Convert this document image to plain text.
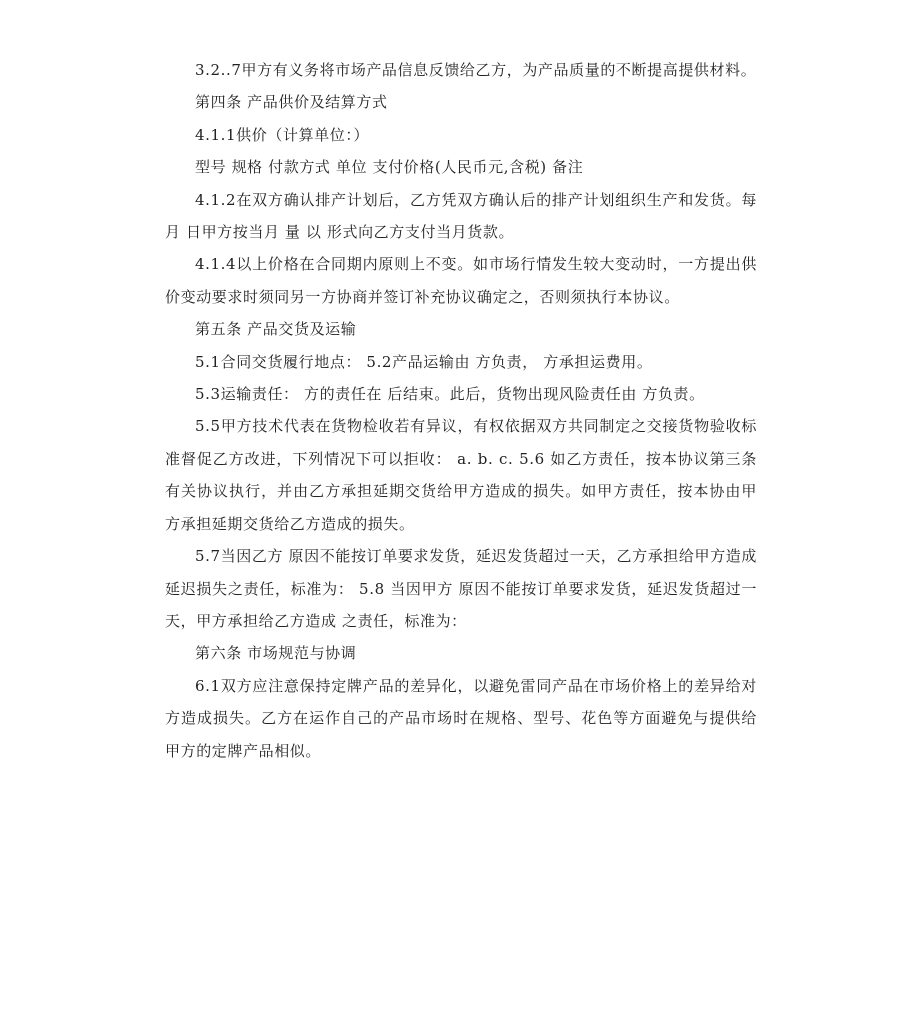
3.2..7甲方有义务将市场产品信息反馈给乙方，为产品质量的不断提高提供材料。

第四条 产品供价及结算方式

4.1.1供价（计算单位：）

型号 规格 付款方式 单位 支付价格(人民币元,含税) 备注

4.1.2在双方确认排产计划后，乙方凭双方确认后的排产计划组织生产和发货。每月 日甲方按当月 量 以 形式向乙方支付当月货款。

4.1.4以上价格在合同期内原则上不变。如市场行情发生较大变动时，一方提出供价变动要求时须同另一方协商并签订补充协议确定之，否则须执行本协议。

第五条 产品交货及运输

5.1合同交货履行地点： 5.2产品运输由 方负责， 方承担运费用。

5.3运输责任： 方的责任在 后结束。此后，货物出现风险责任由 方负责。

5.5甲方技术代表在货物检收若有异议，有权依据双方共同制定之交接货物验收标准督促乙方改进，下列情况下可以拒收： a. b. c. 5.6 如乙方责任，按本协议第三条有关协议执行，并由乙方承担延期交货给甲方造成的损失。如甲方责任，按本协由甲方承担延期交货给乙方造成的损失。

5.7当因乙方 原因不能按订单要求发货，延迟发货超过一天，乙方承担给甲方造成延迟损失之责任，标准为： 5.8 当因甲方 原因不能按订单要求发货，延迟发货超过一天，甲方承担给乙方造成 之责任，标准为：

第六条 市场规范与协调

6.1双方应注意保持定牌产品的差异化，以避免雷同产品在市场价格上的差异给对方造成损失。乙方在运作自己的产品市场时在规格、型号、花色等方面避免与提供给甲方的定牌产品相似。
